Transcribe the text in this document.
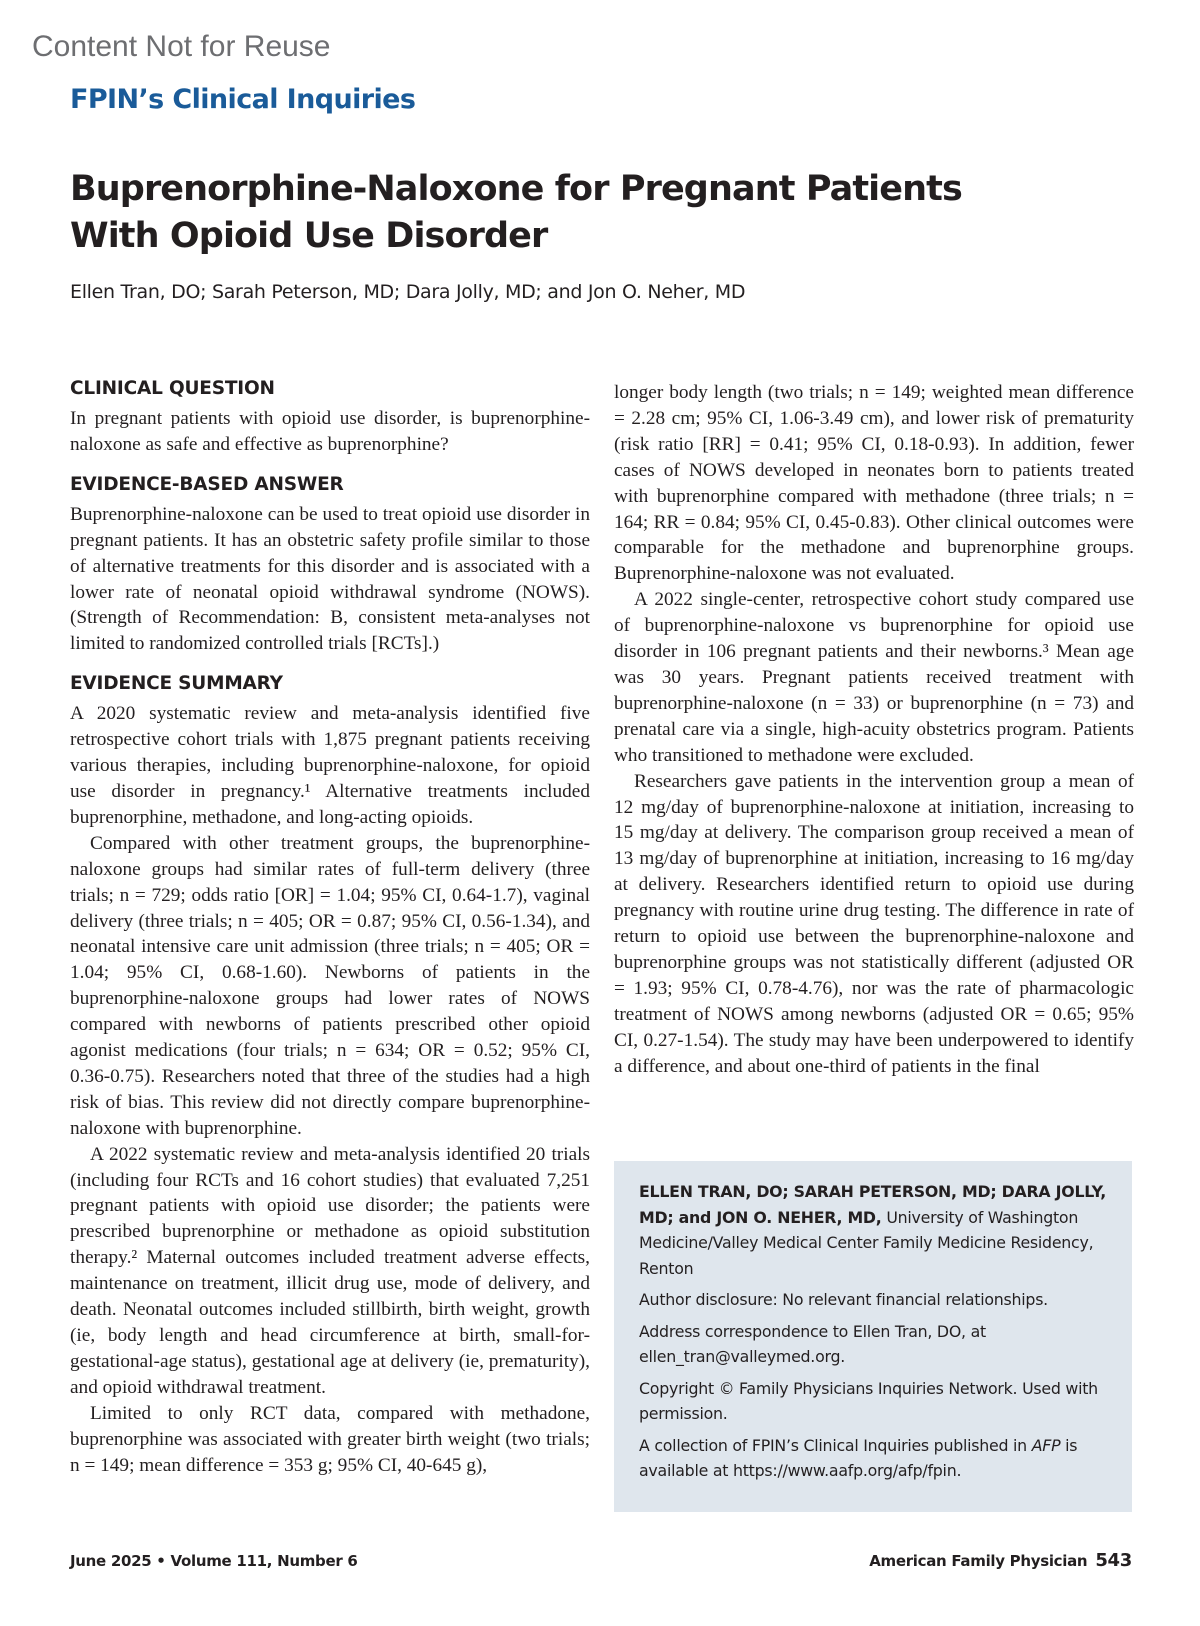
Content Not for Reuse
FPIN’s Clinical Inquiries
Buprenorphine-Naloxone for Pregnant Patients
With Opioid Use Disorder
Ellen Tran, DO; Sarah Peterson, MD; Dara Jolly, MD; and Jon O. Neher, MD
CLINICAL QUESTION

In pregnant patients with opioid use disorder, is buprenorphine-naloxone as safe and effective as buprenorphine?

EVIDENCE-BASED ANSWER

Buprenorphine-naloxone can be used to treat opioid use disorder in pregnant patients. It has an obstetric safety profile similar to those of alternative treatments for this disorder and is associated with a lower rate of neonatal opioid withdrawal syndrome (NOWS). (Strength of Recommendation: B, consistent meta-analyses not limited to randomized controlled trials [RCTs].)

EVIDENCE SUMMARY

A 2020 systematic review and meta-analysis identified five retrospective cohort trials with 1,875 pregnant patients receiving various therapies, including buprenorphine-naloxone, for opioid use disorder in pregnancy.¹ Alternative treatments included buprenorphine, methadone, and long-acting opioids.

Compared with other treatment groups, the buprenorphine-naloxone groups had similar rates of full-term delivery (three trials; n = 729; odds ratio [OR] = 1.04; 95% CI, 0.64-1.7), vaginal delivery (three trials; n = 405; OR = 0.87; 95% CI, 0.56-1.34), and neonatal intensive care unit admission (three trials; n = 405; OR = 1.04; 95% CI, 0.68-1.60). Newborns of patients in the buprenorphine-naloxone groups had lower rates of NOWS compared with newborns of patients prescribed other opioid agonist medications (four trials; n = 634; OR = 0.52; 95% CI, 0.36-0.75). Researchers noted that three of the studies had a high risk of bias. This review did not directly compare buprenorphine-naloxone with buprenorphine.

A 2022 systematic review and meta-analysis identified 20 trials (including four RCTs and 16 cohort studies) that evaluated 7,251 pregnant patients with opioid use disorder; the patients were prescribed buprenorphine or methadone as opioid substitution therapy.² Maternal outcomes included treatment adverse effects, maintenance on treatment, illicit drug use, mode of delivery, and death. Neonatal outcomes included stillbirth, birth weight, growth (ie, body length and head circumference at birth, small-for-gestational-age status), gestational age at delivery (ie, prematurity), and opioid withdrawal treatment.

Limited to only RCT data, compared with methadone, buprenorphine was associated with greater birth weight (two trials; n = 149; mean difference = 353 g; 95% CI, 40-645 g),

longer body length (two trials; n = 149; weighted mean difference = 2.28 cm; 95% CI, 1.06-3.49 cm), and lower risk of prematurity (risk ratio [RR] = 0.41; 95% CI, 0.18-0.93). In addition, fewer cases of NOWS developed in neonates born to patients treated with buprenorphine compared with methadone (three trials; n = 164; RR = 0.84; 95% CI, 0.45-0.83). Other clinical outcomes were comparable for the methadone and buprenorphine groups. Buprenorphine-naloxone was not evaluated.

A 2022 single-center, retrospective cohort study compared use of buprenorphine-naloxone vs buprenorphine for opioid use disorder in 106 pregnant patients and their newborns.³ Mean age was 30 years. Pregnant patients received treatment with buprenorphine-naloxone (n = 33) or buprenorphine (n = 73) and prenatal care via a single, high-acuity obstetrics program. Patients who transitioned to methadone were excluded.

Researchers gave patients in the intervention group a mean of 12 mg/day of buprenorphine-naloxone at initiation, increasing to 15 mg/day at delivery. The comparison group received a mean of 13 mg/day of buprenorphine at initiation, increasing to 16 mg/day at delivery. Researchers identified return to opioid use during pregnancy with routine urine drug testing. The difference in rate of return to opioid use between the buprenorphine-naloxone and buprenorphine groups was not statistically different (adjusted OR = 1.93; 95% CI, 0.78-4.76), nor was the rate of pharmacologic treatment of NOWS among newborns (adjusted OR = 0.65; 95% CI, 0.27-1.54). The study may have been underpowered to identify a difference, and about one-third of patients in the final

ELLEN TRAN, DO; SARAH PETERSON, MD; DARA JOLLY, MD; and JON O. NEHER, MD, University of Washington Medicine/Valley Medical Center Family Medicine Residency, Renton

Author disclosure: No relevant financial relationships.

Address correspondence to Ellen Tran, DO, at ellen_tran@valleymed.org.

Copyright © Family Physicians Inquiries Network. Used with permission.

A collection of FPIN’s Clinical Inquiries published in AFP is available at https://www.aafp.org/afp/fpin.

June 2025 • Volume 111, Number 6	American Family Physician 543
